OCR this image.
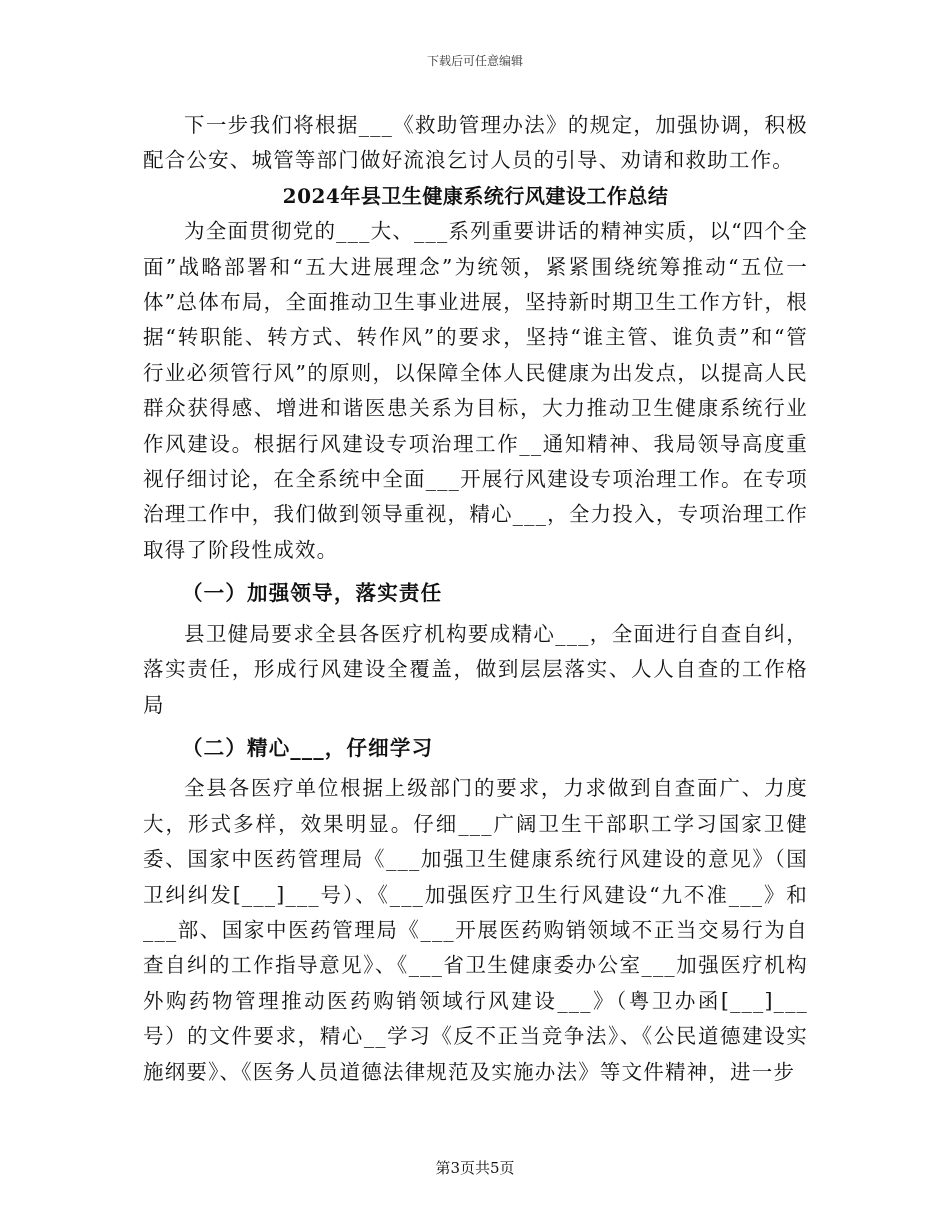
下载后可任意编辑

下一步我们将根据___《救助管理办法》的规定，加强协调，积极配合公安、城管等部门做好流浪乞讨人员的引导、劝请和救助工作。

2024年县卫生健康系统行风建设工作总结

为全面贯彻党的___大、___系列重要讲话的精神实质，以“四个全面”战略部署和“五大进展理念”为统领，紧紧围绕统筹推动“五位一体”总体布局，全面推动卫生事业进展，坚持新时期卫生工作方针，根据“转职能、转方式、转作风”的要求，坚持“谁主管、谁负责”和“管行业必须管行风”的原则，以保障全体人民健康为出发点，以提高人民群众获得感、增进和谐医患关系为目标，大力推动卫生健康系统行业作风建设。根据行风建设专项治理工作__通知精神、我局领导高度重视仔细讨论，在全系统中全面___开展行风建设专项治理工作。在专项治理工作中，我们做到领导重视，精心___，全力投入，专项治理工作取得了阶段性成效。

（一）加强领导，落实责任

县卫健局要求全县各医疗机构要成精心___，全面进行自查自纠，落实责任，形成行风建设全覆盖，做到层层落实、人人自查的工作格局

（二）精心___，仔细学习

全县各医疗单位根据上级部门的要求，力求做到自查面广、力度大，形式多样，效果明显。仔细___广阔卫生干部职工学习国家卫健委、国家中医药管理局《___加强卫生健康系统行风建设的意见》（国卫纠纠发[___]___号）、《___加强医疗卫生行风建设“九不准___》和___部、国家中医药管理局《___开展医药购销领域不正当交易行为自查自纠的工作指导意见》、《___省卫生健康委办公室___加强医疗机构外购药物管理推动医药购销领域行风建设___》（粤卫办函[___]___号）的文件要求，精心__学习《反不正当竞争法》、《公民道德建设实施纲要》、《医务人员道德法律规范及实施办法》等文件精神，进一步

第3页共5页
